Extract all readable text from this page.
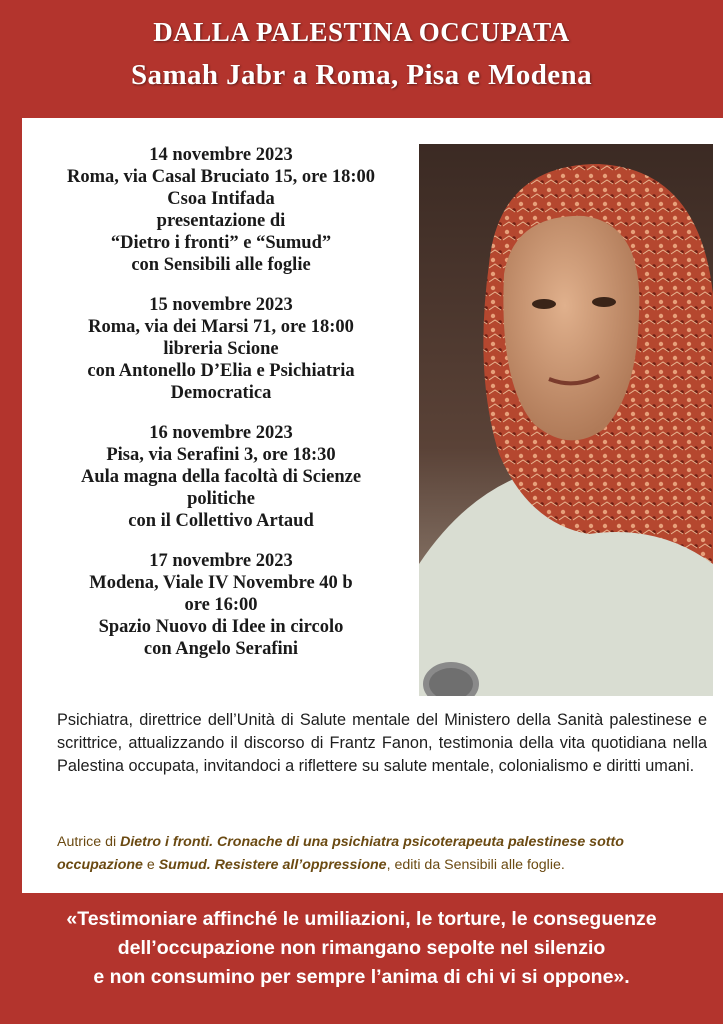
DALLA PALESTINA OCCUPATA
Samah Jabr a Roma, Pisa e Modena
14 novembre 2023
Roma, via Casal Bruciato 15, ore 18:00
Csoa Intifada
presentazione di
“Dietro i fronti” e “Sumud”
con Sensibili alle foglie
15 novembre 2023
Roma, via dei Marsi 71, ore 18:00
libreria Scione
con Antonello D’Elia e Psichiatria
Democratica
16 novembre 2023
Pisa, via Serafini 3, ore 18:30
Aula magna della facoltà di Scienze
politiche
con il Collettivo Artaud
17 novembre 2023
Modena, Viale IV Novembre 40 b
ore 16:00
Spazio Nuovo di Idee in circolo
con Angelo Serafini
Psichiatra, direttrice dell’Unità di Salute mentale del Ministero della Sanità palestinese e scrittrice, attualizzando il discorso di Frantz Fanon, testimonia della vita quotidiana nella Palestina occupata, invitandoci a riflettere su salute mentale, colonialismo e diritti umani.
Autrice di Dietro i fronti. Cronache di una psichiatra psicoterapeuta palestinese sotto occupazione e Sumud. Resistere all’oppressione, editi da Sensibili alle foglie.
«Testimoniare affinché le umiliazioni, le torture, le conseguenze
dell’occupazione non rimangano sepolte nel silenzio
e non consumino per sempre l’anima di chi vi si oppone».
